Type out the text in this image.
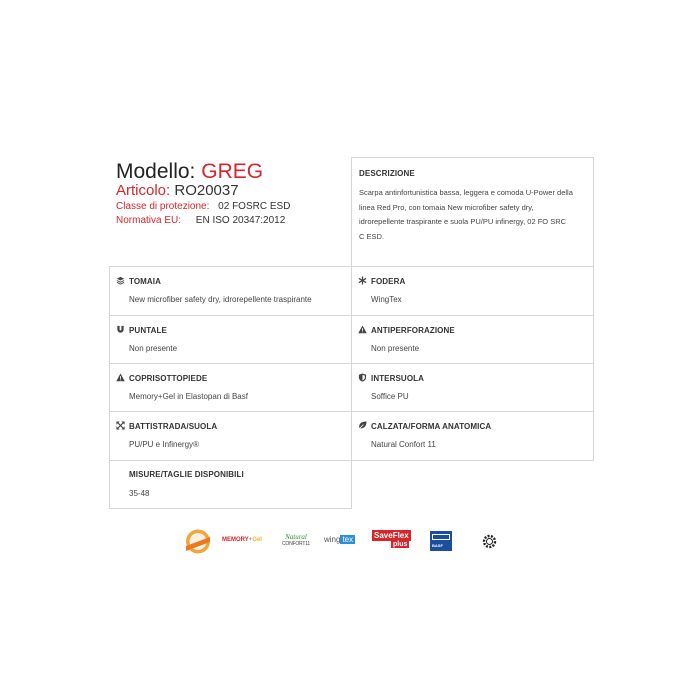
Modello: GREG
Articolo: RO20037
Classe di protezione: 02 FOSRC ESD
Normativa EU: EN ISO 20347:2012
DESCRIZIONE
Scarpa antinfortunistica bassa, leggera e comoda U-Power della
linea Red Pro, con tomaia New microfiber safety dry,
idrorepellente traspirante e suola PU/PU infinergy, 02 FO SRC
C ESD.
TOMAIA
New microfiber safety dry, idrorepellente traspirante
FODERA
WingTex
PUNTALE
Non presente
ANTIPERFORAZIONE
Non presente
COPRISOTTOPIEDE
Memory+Gel in Elastopan di Basf
INTERSUOLA
Soffice PU
BATTISTRADA/SUOLA
PU/PU e Infinergy®
CALZATA/FORMA ANATOMICA
Natural Confort 11
MISURE/TAGLIE DISPONIBILI
35-48
MEMORY+Gel	Natural
CONFORT11	wing tex	SaveFlex
plus	BASF
